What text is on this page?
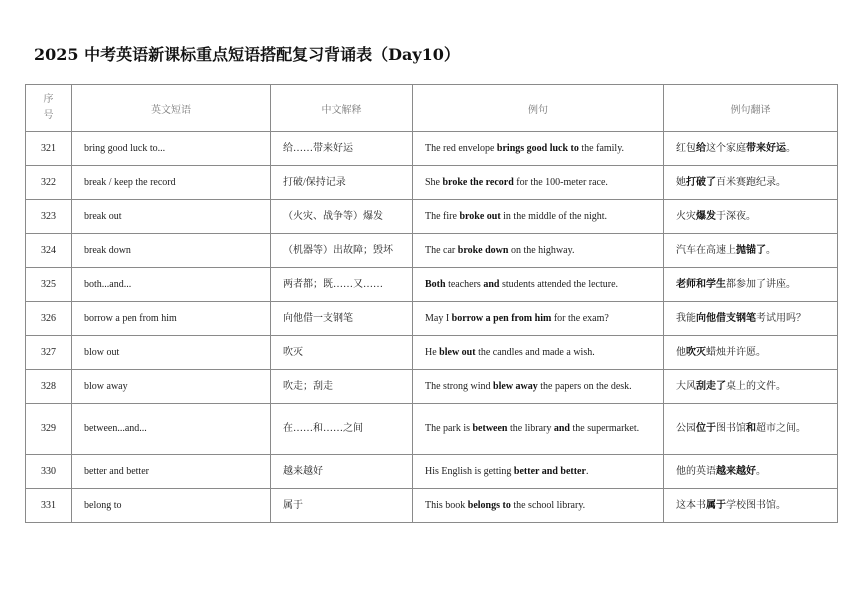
2025 中考英语新课标重点短语搭配复习背诵表（Day10）
序号	英文短语	中文解释	例句	例句翻译
321	bring good luck to...	给……带来好运	The red envelope brings good luck to the family.	红包给这个家庭带来好运。
322	break / keep the record	打破/保持记录	She broke the record for the 100-meter race.	她打破了百米赛跑纪录。
323	break out	（火灾、战争等）爆发	The fire broke out in the middle of the night.	火灾爆发于深夜。
324	break down	（机器等）出故障；毁坏	The car broke down on the highway.	汽车在高速上抛锚了。
325	both...and...	两者都；既……又……	Both teachers and students attended the lecture.	老师和学生都参加了讲座。
326	borrow a pen from him	向他借一支钢笔	May I borrow a pen from him for the exam?	我能向他借支钢笔考试用吗？
327	blow out	吹灭	He blew out the candles and made a wish.	他吹灭蜡烛并许愿。
328	blow away	吹走；刮走	The strong wind blew away the papers on the desk.	大风刮走了桌上的文件。
329	between...and...	在……和……之间	The park is between the library and the supermarket.	公园位于图书馆和超市之间。
330	better and better	越来越好	His English is getting better and better.	他的英语越来越好。
331	belong to	属于	This book belongs to the school library.	这本书属于学校图书馆。
